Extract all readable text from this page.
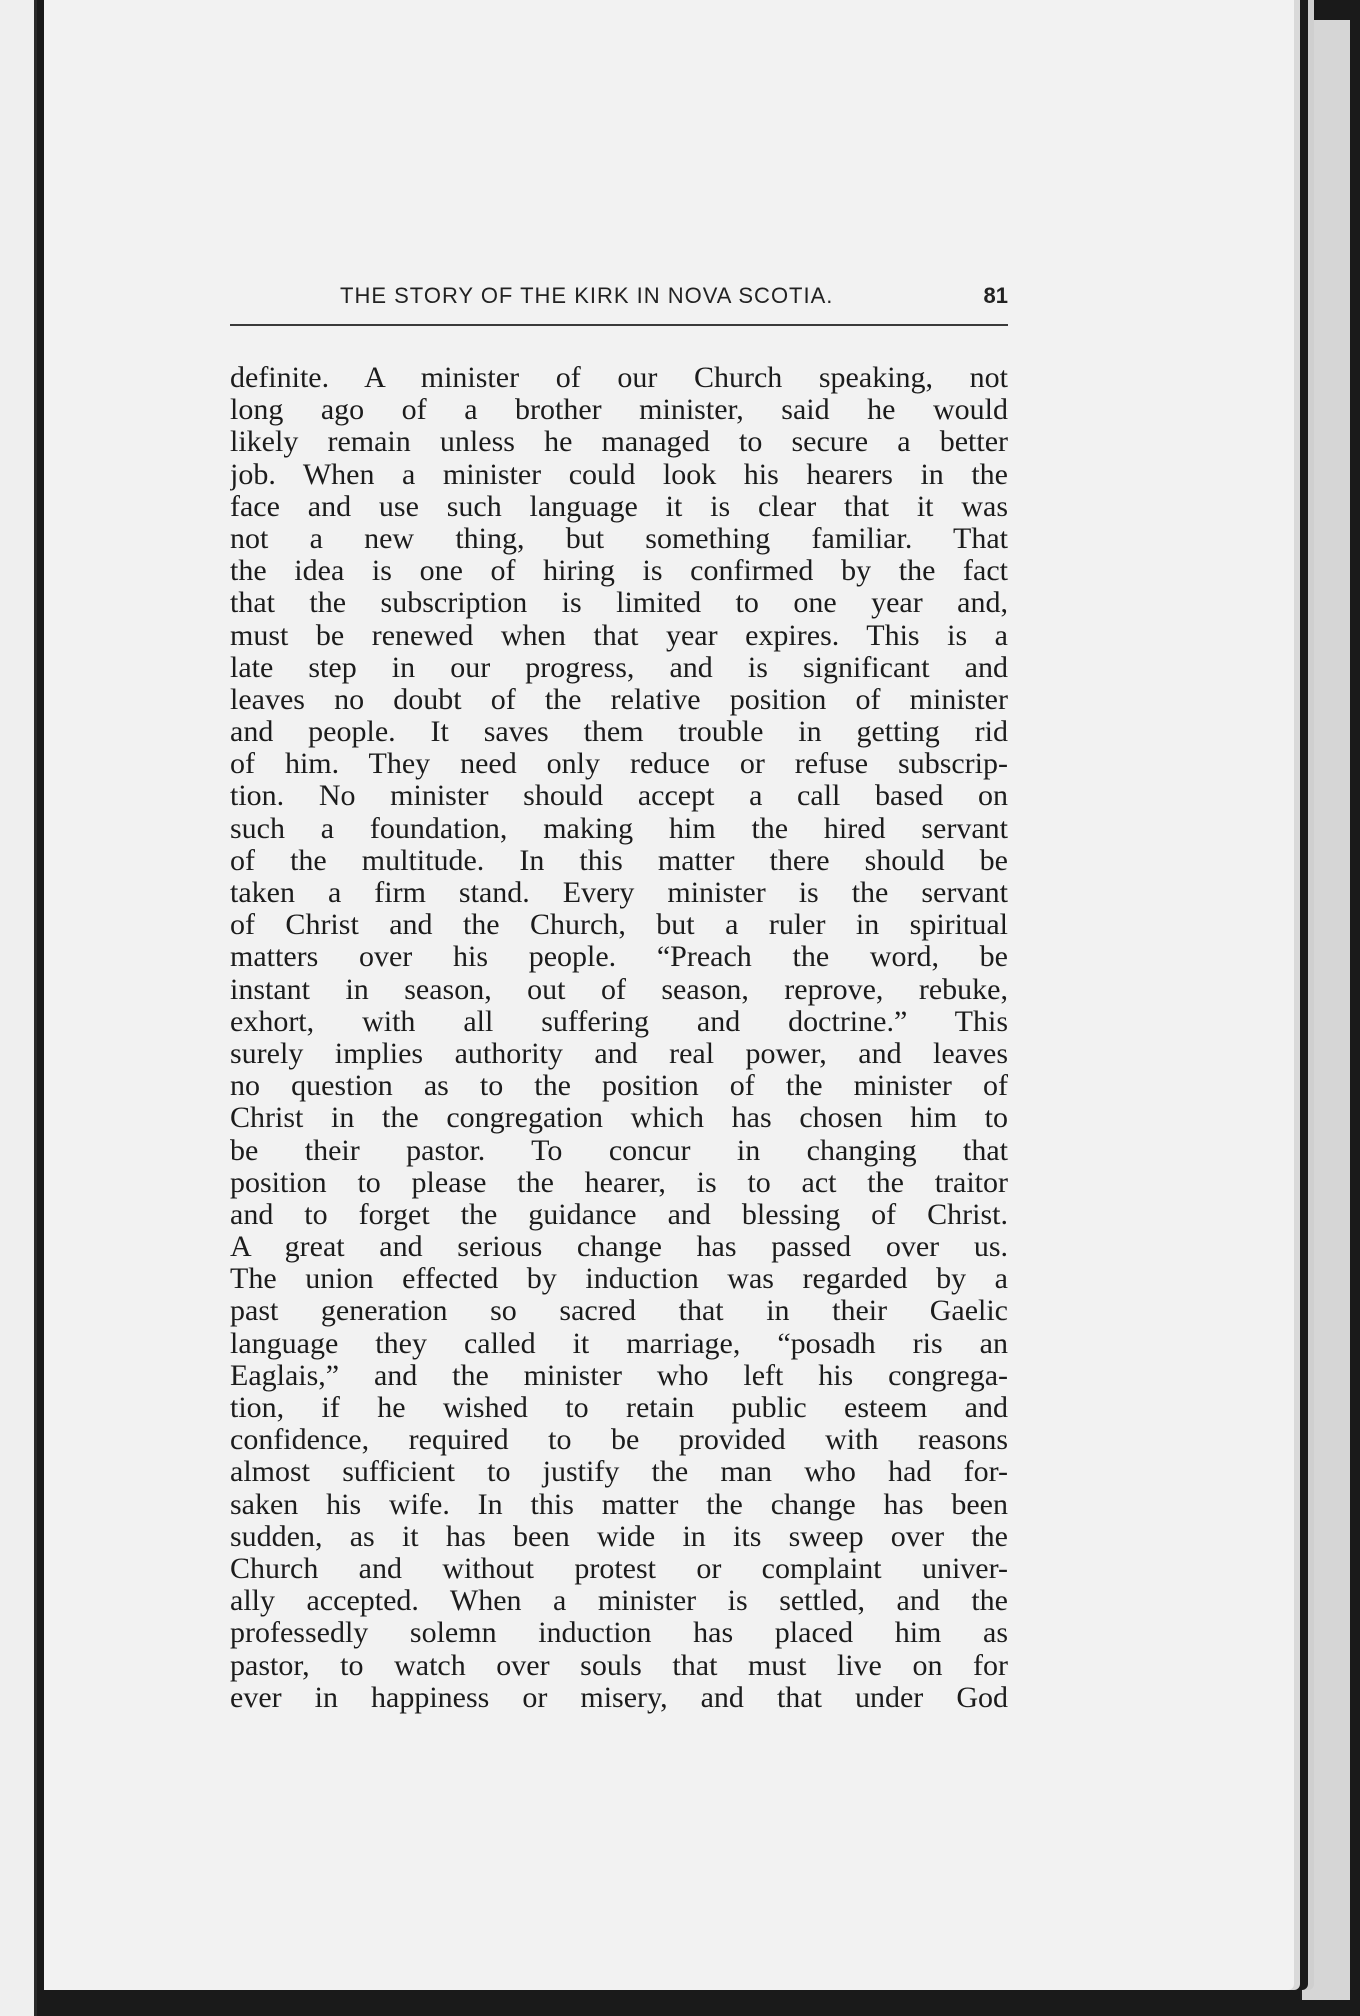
THE STORY OF THE KIRK IN NOVA SCOTIA.	81
definite. A minister of our Church speaking, not
long ago of a brother minister, said he would
likely remain unless he managed to secure a better
job. When a minister could look his hearers in the
face and use such language it is clear that it was
not a new thing, but something familiar. That
the idea is one of hiring is confirmed by the fact
that the subscription is limited to one year and,
must be renewed when that year expires. This is a
late step in our progress, and is significant and
leaves no doubt of the relative position of minister
and people. It saves them trouble in getting rid
of him. They need only reduce or refuse subscrip-
tion. No minister should accept a call based on
such a foundation, making him the hired servant
of the multitude. In this matter there should be
taken a firm stand. Every minister is the servant
of Christ and the Church, but a ruler in spiritual
matters over his people. “Preach the word, be
instant in season, out of season, reprove, rebuke,
exhort, with all suffering and doctrine.” This
surely implies authority and real power, and leaves
no question as to the position of the minister of
Christ in the congregation which has chosen him to
be their pastor. To concur in changing that
position to please the hearer, is to act the traitor
and to forget the guidance and blessing of Christ.
A great and serious change has passed over us.
The union effected by induction was regarded by a
past generation so sacred that in their Gaelic
language they called it marriage, “posadh ris an
Eaglais,” and the minister who left his congrega-
tion, if he wished to retain public esteem and
confidence, required to be provided with reasons
almost sufficient to justify the man who had for-
saken his wife. In this matter the change has been
sudden, as it has been wide in its sweep over the
Church and without protest or complaint univer-
ally accepted. When a minister is settled, and the
professedly solemn induction has placed him as
pastor, to watch over souls that must live on for
ever in happiness or misery, and that under God
